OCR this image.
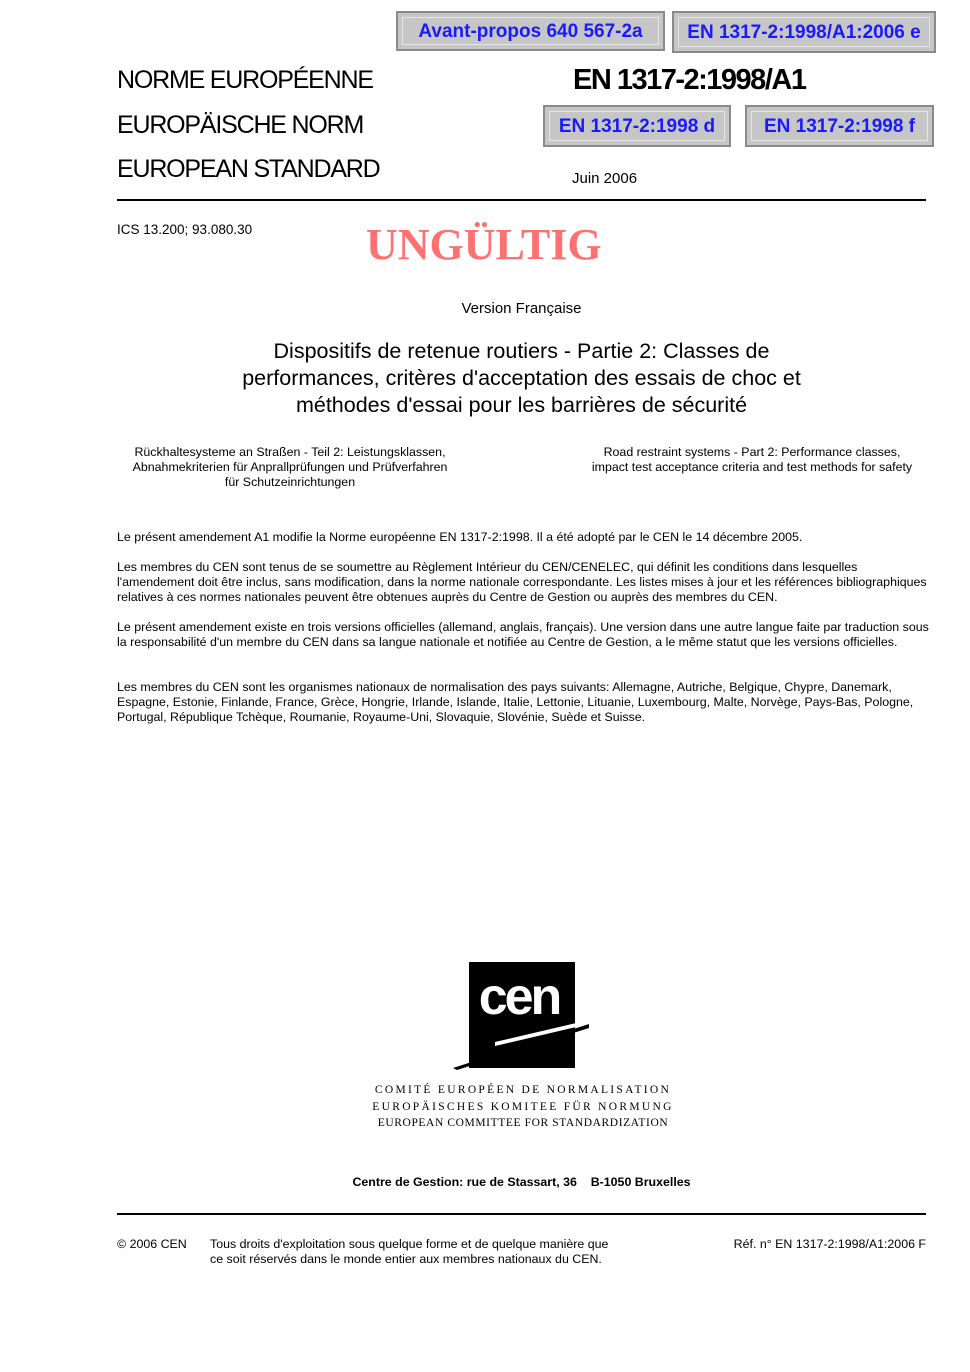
Avant-propos 640 567-2a EN 1317-2:1998/A1:2006 e
EN 1317-2:1998 d	EN 1317-2:1998 f
NORME EUROPÉENNE
EUROPÄISCHE NORM
EUROPEAN STANDARD
EN 1317-2:1998/A1
Juin 2006
ICS 13.200; 93.080.30	UNGÜLTIG
Version Française
Dispositifs de retenue routiers - Partie 2: Classes de
performances, critères d'acceptation des essais de choc et
méthodes d'essai pour les barrières de sécurité
Rückhaltesysteme an Straßen - Teil 2: Leistungsklassen,
Abnahmekriterien für Anprallprüfungen und Prüfverfahren
für Schutzeinrichtungen
Road restraint systems - Part 2: Performance classes,
impact test acceptance criteria and test methods for safety
Le présent amendement A1 modifie la Norme européenne EN 1317-2:1998. Il a été adopté par le CEN le 14 décembre 2005.
Les membres du CEN sont tenus de se soumettre au Règlement Intérieur du CEN/CENELEC, qui définit les conditions dans lesquelles l'amendement doit être inclus, sans modification, dans la norme nationale correspondante. Les listes mises à jour et les références bibliographiques relatives à ces normes nationales peuvent être obtenues auprès du Centre de Gestion ou auprès des membres du CEN.
Le présent amendement existe en trois versions officielles (allemand, anglais, français). Une version dans une autre langue faite par traduction sous la responsabilité d'un membre du CEN dans sa langue nationale et notifiée au Centre de Gestion, a le même statut que les versions officielles.
Les membres du CEN sont les organismes nationaux de normalisation des pays suivants: Allemagne, Autriche, Belgique, Chypre, Danemark, Espagne, Estonie, Finlande, France, Grèce, Hongrie, Irlande, Islande, Italie, Lettonie, Lituanie, Luxembourg, Malte, Norvège, Pays-Bas, Pologne, Portugal, République Tchèque, Roumanie, Royaume-Uni, Slovaquie, Slovénie, Suède et Suisse.
cen
COMITÉ EUROPÉEN DE NORMALISATION
EUROPÄISCHES KOMITEE FÜR NORMUNG
EUROPEAN COMMITTEE FOR STANDARDIZATION
Centre de Gestion: rue de Stassart, 36    B-1050 Bruxelles
© 2006 CEN Tous droits d'exploitation sous quelque forme et de quelque manière que
ce soit réservés dans le monde entier aux membres nationaux du CEN.
Réf. n° EN 1317-2:1998/A1:2006 F
